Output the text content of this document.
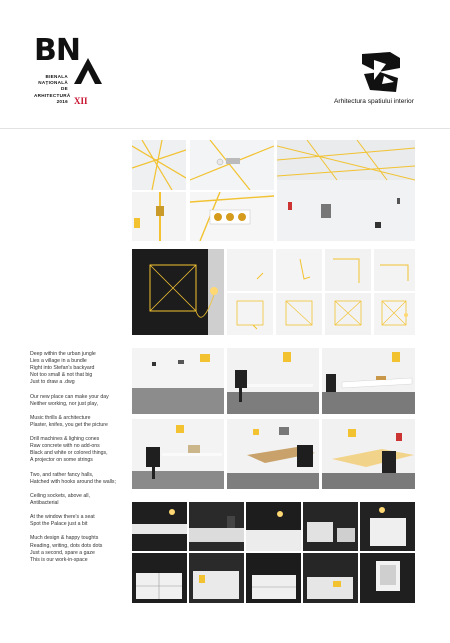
BN
BIENALA
NAȚIONALĂ
DE
ARHITECTURĂ
2016 XII	Arhitectura spatiului interior

Deep within the urban jungle
Lies a village in a bundle
Right into Stefan's backyard
Not too small & not that big
Just to draw a .dwg

Our new place can make your day
Neither working, nor just play,

Music thrills & architecture
Plaster, knifes, you get the picture

Drill machines & lighing cones
Raw concrete with no add-ons
Black and white or colored things,
A projector on some strings

Two, and rather fancy halls,
Hatched with hooks around the walls;

Ceiling sockets, above all,
Antibacterial

At the window there's a seat
Spot the Palace just a bit

Much design & happy toughts
Reading, writing, dots dots dots
Just a second, spare a gaze
This is our work-in-space
